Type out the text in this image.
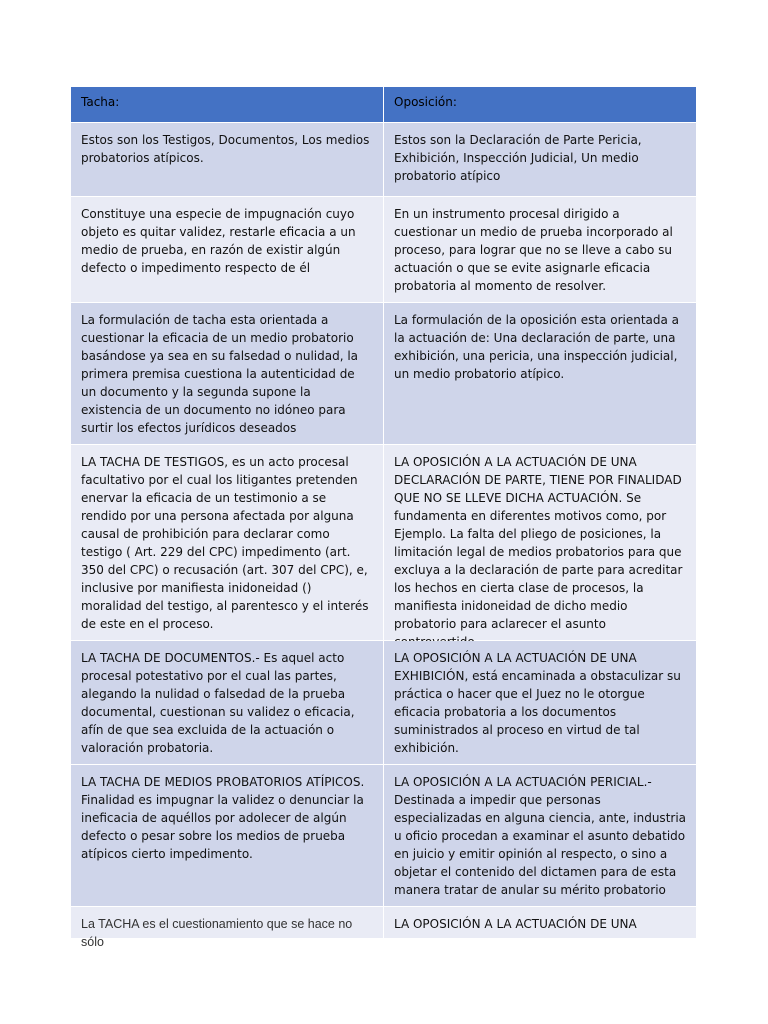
Tacha:	Oposición:
Estos son los Testigos, Documentos, Los medios probatorios atípicos.
Estos son la Declaración de Parte Pericia, Exhibición, Inspección Judicial, Un medio probatorio atípico
Constituye una especie de impugnación cuyo objeto es quitar validez, restarle eficacia a un medio de prueba, en razón de existir algún defecto o impedimento respecto de él
En un instrumento procesal dirigido a cuestionar un medio de prueba incorporado al proceso, para lograr que no se lleve a cabo su actuación o que se evite asignarle eficacia probatoria al momento de resolver.
La formulación de tacha esta orientada a cuestionar la eficacia de un medio probatorio basándose ya sea en su falsedad o nulidad, la primera premisa cuestiona la autenticidad de un documento y la segunda supone la existencia de un documento no idóneo para surtir los efectos jurídicos deseados
La formulación de la oposición esta orientada a la actuación de: Una declaración de parte, una exhibición, una pericia, una inspección judicial, un medio probatorio atípico.
LA TACHA DE TESTIGOS, es un acto procesal facultativo por el cual los litigantes pretenden enervar la eficacia de un testimonio a se rendido por una persona afectada por alguna causal de prohibición para declarar como testigo ( Art. 229 del CPC) impedimento (art. 350 del CPC) o recusación (art. 307 del CPC), e, inclusive por manifiesta inidoneidad () moralidad del testigo, al parentesco y el interés de este en el proceso.
LA OPOSICIÓN A LA ACTUACIÓN DE UNA DECLARACIÓN DE PARTE, TIENE POR FINALIDAD QUE NO SE LLEVE DICHA ACTUACIÓN. Se fundamenta en diferentes motivos como, por Ejemplo. La falta del pliego de posiciones, la limitación legal de medios probatorios para que excluya a la declaración de parte para acreditar los hechos en cierta clase de procesos, la manifiesta inidoneidad de dicho medio probatorio para aclarecer el asunto
LA TACHA DE DOCUMENTOS.- Es aquel acto procesal potestativo por el cual las partes, alegando la nulidad o falsedad de la prueba documental, cuestionan su validez o eficacia, afín de que sea excluida de la actuación o valoración probatoria.
LA OPOSICIÓN A LA ACTUACIÓN DE UNA EXHIBICIÓN, está encaminada a obstaculizar su práctica o hacer que el Juez no le otorgue eficacia probatoria a los documentos suministrados al proceso en virtud de tal exhibición.
LA TACHA DE MEDIOS PROBATORIOS ATÍPICOS. Finalidad es impugnar la validez o denunciar la ineficacia de aquéllos por adolecer de algún defecto o pesar sobre los medios de prueba atípicos cierto impedimento.
LA OPOSICIÓN A LA ACTUACIÓN PERICIAL.- Destinada a impedir que personas especializadas en alguna ciencia, ante, industria u oficio procedan a examinar el asunto debatido en juicio y emitir opinión al respecto, o sino a objetar el contenido del dictamen para de esta manera tratar de anular su mérito probatorio
La TACHA es el cuestionamiento que se hace no sólo
LA OPOSICIÓN A LA ACTUACIÓN DE UNA
